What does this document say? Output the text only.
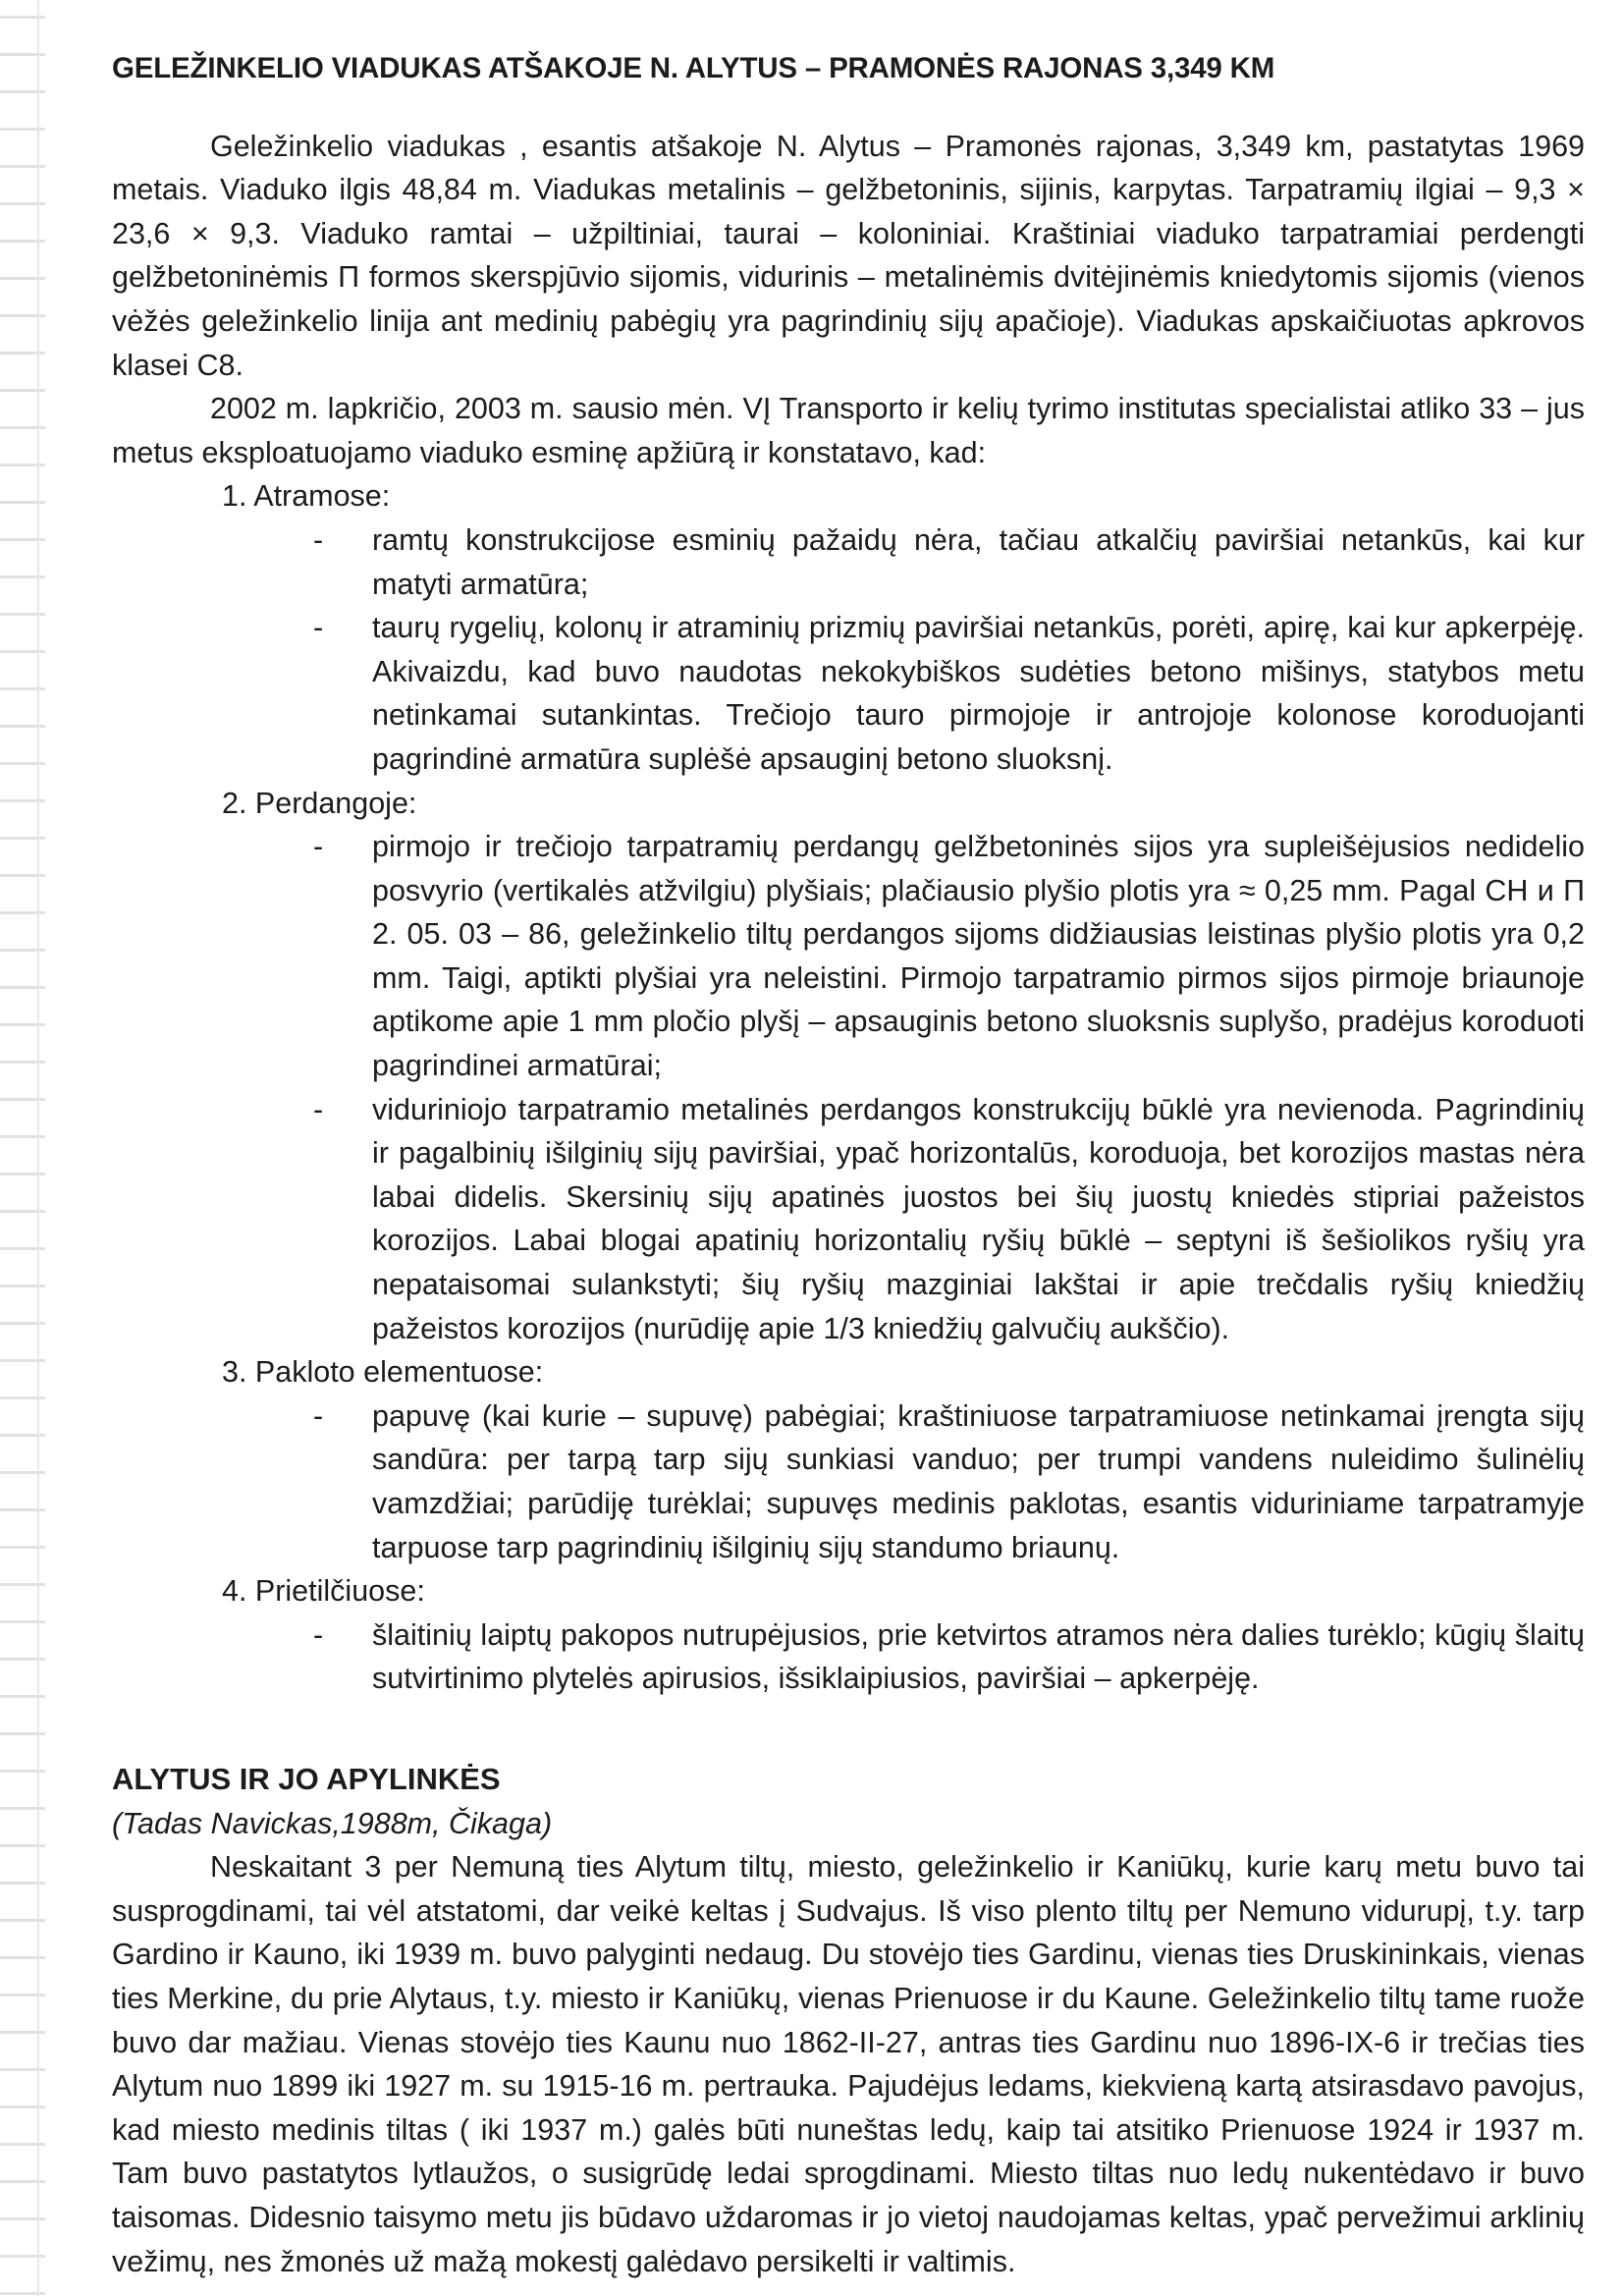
GELEŽINKELIO VIADUKAS ATŠAKOJE N. ALYTUS – PRAMONĖS RAJONAS 3,349 KM

Geležinkelio viadukas , esantis atšakoje N. Alytus – Pramonės rajonas, 3,349 km, pastatytas 1969 metais. Viaduko ilgis 48,84 m. Viadukas metalinis – gelžbetoninis, sijinis, karpytas. Tarpatramių ilgiai – 9,3 × 23,6 × 9,3. Viaduko ramtai – užpiltiniai, taurai – koloniniai. Kraštiniai viaduko tarpatramiai perdengti gelžbetoninėmis Π formos skerspjūvio sijomis, vidurinis – metalinėmis dvitėjinėmis kniedytomis sijomis (vienos vėžės geležinkelio linija ant medinių pabėgių yra pagrindinių sijų apačioje). Viadukas apskaičiuotas apkrovos klasei C8.

2002 m. lapkričio, 2003 m. sausio mėn. VĮ Transporto ir kelių tyrimo institutas specialistai atliko 33 – jus metus eksploatuojamo viaduko esminę apžiūrą ir konstatavo, kad:

1. Atramose:
-	ramtų konstrukcijose esminių pažaidų nėra, tačiau atkalčių paviršiai netankūs, kai kur matyti armatūra;
-	taurų rygelių, kolonų ir atraminių prizmių paviršiai netankūs, porėti, apirę, kai kur apkerpėję. Akivaizdu, kad buvo naudotas nekokybiškos sudėties betono mišinys, statybos metu netinkamai sutankintas. Trečiojo tauro pirmojoje ir antrojoje kolonose koroduojanti pagrindinė armatūra suplėšė apsauginį betono sluoksnį.
2. Perdangoje:
-	pirmojo ir trečiojo tarpatramių perdangų gelžbetoninės sijos yra supleišėjusios nedidelio posvyrio (vertikalės atžvilgiu) plyšiais; plačiausio plyšio plotis yra ≈ 0,25 mm. Pagal СН и П 2. 05. 03 – 86, geležinkelio tiltų perdangos sijoms didžiausias leistinas plyšio plotis yra 0,2 mm. Taigi, aptikti plyšiai yra neleistini. Pirmojo tarpatramio pirmos sijos pirmoje briaunoje aptikome apie 1 mm pločio plyšį – apsauginis betono sluoksnis suplyšo, pradėjus koroduoti pagrindinei armatūrai;
-	viduriniojo tarpatramio metalinės perdangos konstrukcijų būklė yra nevienoda. Pagrindinių ir pagalbinių išilginių sijų paviršiai, ypač horizontalūs, koroduoja, bet korozijos mastas nėra labai didelis. Skersinių sijų apatinės juostos bei šių juostų kniedės stipriai pažeistos korozijos. Labai blogai apatinių horizontalių ryšių būklė – septyni iš šešiolikos ryšių yra nepataisomai sulankstyti; šių ryšių mazginiai lakštai ir apie trečdalis ryšių kniedžių pažeistos korozijos (nurūdiję apie 1/3 kniedžių galvučių aukščio).
3. Pakloto elementuose:
-	papuvę (kai kurie – supuvę) pabėgiai; kraštiniuose tarpatramiuose netinkamai įrengta sijų sandūra: per tarpą tarp sijų sunkiasi vanduo; per trumpi vandens nuleidimo šulinėlių vamzdžiai; parūdiję turėklai; supuvęs medinis paklotas, esantis viduriniame tarpatramyje tarpuose tarp pagrindinių išilginių sijų standumo briaunų.
4. Prietilčiuose:
-	šlaitinių laiptų pakopos nutrupėjusios, prie ketvirtos atramos nėra dalies turėklo; kūgių šlaitų sutvirtinimo plytelės apirusios, išsiklaipiusios, paviršiai – apkerpėję.
ALYTUS IR JO APYLINKĖS
(Tadas Navickas,1988m, Čikaga)

Neskaitant 3 per Nemuną ties Alytum tiltų, miesto, geležinkelio ir Kaniūkų, kurie karų metu buvo tai susprogdinami, tai vėl atstatomi, dar veikė keltas į Sudvajus. Iš viso plento tiltų per Nemuno vidurupį, t.y. tarp Gardino ir Kauno, iki 1939 m. buvo palyginti nedaug. Du stovėjo ties Gardinu, vienas ties Druskininkais, vienas ties Merkine, du prie Alytaus, t.y. miesto ir Kaniūkų, vienas Prienuose ir du Kaune. Geležinkelio tiltų tame ruože buvo dar mažiau. Vienas stovėjo ties Kaunu nuo 1862-II-27, antras ties Gardinu nuo 1896-IX-6 ir trečias ties Alytum nuo 1899 iki 1927 m. su 1915-16 m. pertrauka. Pajudėjus ledams, kiekvieną kartą atsirasdavo pavojus, kad miesto medinis tiltas ( iki 1937 m.) galės būti nuneštas ledų, kaip tai atsitiko Prienuose 1924 ir 1937 m. Tam buvo pastatytos lytlaužos, o susigrūdę ledai sprogdinami. Miesto tiltas nuo ledų nukentėdavo ir buvo taisomas. Didesnio taisymo metu jis būdavo uždaromas ir jo vietoj naudojamas keltas, ypač pervežimui arklinių vežimų, nes žmonės už mažą mokestį galėdavo persikelti ir valtimis.
